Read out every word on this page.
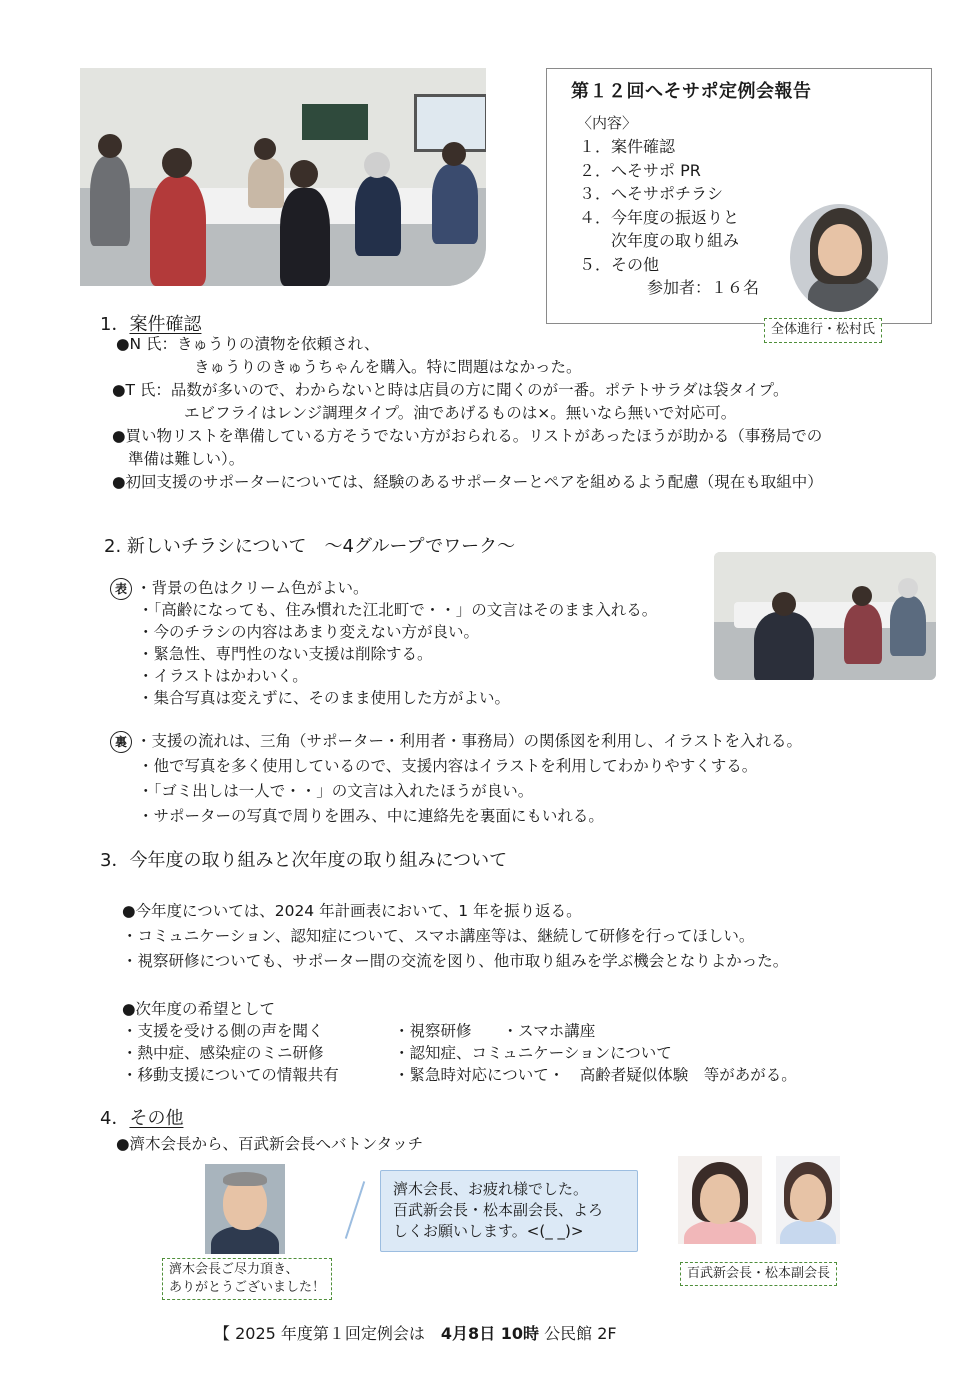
第１２回へそサポ定例会報告
〈内容〉
１．案件確認
２．へそサポ PR
３．へそサポチラシ
４．今年度の振返りと
　　次年度の取り組み
５．その他
参加者：１６名
全体進行・松村氏
1．案件確認
●N 氏：きゅうりの漬物を依頼され、
きゅうりのきゅうちゃんを購入。特に問題はなかった。
●T 氏：品数が多いので、わからないと時は店員の方に聞くのが一番。ポテトサラダは袋タイプ。
エビフライはレンジ調理タイプ。油であげるものは×。無いなら無いで対応可。
●買い物リストを準備している方そうでない方がおられる。リストがあったほうが助かる（事務局での
準備は難しい）。
●初回支援のサポーターについては、経験のあるサポーターとペアを組めるよう配慮（現在も取組中）
2. 新しいチラシについて　～4グループでワーク～
表 ・背景の色はクリーム色がよい。
・「高齢になっても、住み慣れた江北町で・・」の文言はそのまま入れる。
・今のチラシの内容はあまり変えない方が良い。
・緊急性、専門性のない支援は削除する。
・イラストはかわいく。
・集合写真は変えずに、そのまま使用した方がよい。
裏 ・支援の流れは、三角（サポーター・利用者・事務局）の関係図を利用し、イラストを入れる。
・他で写真を多く使用しているので、支援内容はイラストを利用してわかりやすくする。
・「ゴミ出しは一人で・・」の文言は入れたほうが良い。
・サポーターの写真で周りを囲み、中に連絡先を裏面にもいれる。
3．今年度の取り組みと次年度の取り組みについて
●今年度については、2024 年計画表において、1 年を振り返る。
・コミュニケーション、認知症について、スマホ講座等は、継続して研修を行ってほしい。
・視察研修についても、サポーター間の交流を図り、他市取り組みを学ぶ機会となりよかった。
●次年度の希望として
・支援を受ける側の声を聞く	・視察研修　　・スマホ講座
・熱中症、感染症のミニ研修	・認知症、コミュニケーションについて
・移動支援についての情報共有	・緊急時対応について・　高齢者疑似体験　等があがる。
4．その他
●濟木会長から、百武新会長へバトンタッチ
濟木会長ご尽力頂き、
ありがとうございました！
濟木会長、お疲れ様でした。
百武新会長・松本副会長、よろ
しくお願いします。<(_ _)>
百武新会長・松本副会長
【 2025 年度第１回定例会は　4月8日 10時 公民館 2F
